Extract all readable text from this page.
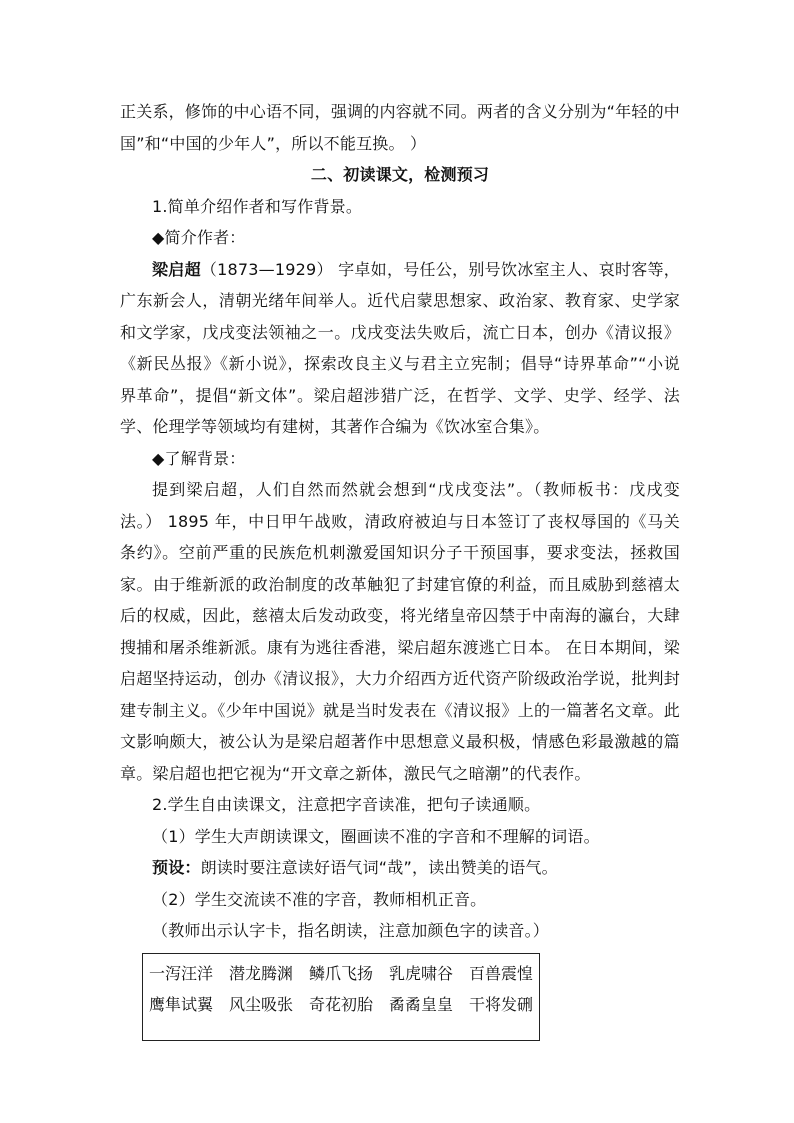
正关系，修饰的中心语不同，强调的内容就不同。两者的含义分别为“年轻的中国”和“中国的少年人”，所以不能互换。 ）

二、初读课文，检测预习

1.简单介绍作者和写作背景。

◆简介作者：

梁启超（1873—1929） 字卓如，号任公，别号饮冰室主人、哀时客等，广东新会人，清朝光绪年间举人。近代启蒙思想家、政治家、教育家、史学家和文学家，戊戌变法领袖之一。戊戌变法失败后，流亡日本，创办《清议报》《新民丛报》《新小说》，探索改良主义与君主立宪制；倡导“诗界革命”“小说界革命”，提倡“新文体”。梁启超涉猎广泛，在哲学、文学、史学、经学、法学、伦理学等领域均有建树，其著作合编为《饮冰室合集》。

◆了解背景：

提到梁启超，人们自然而然就会想到“戊戌变法”。（教师板书：戊戌变法。） 1895 年，中日甲午战败，清政府被迫与日本签订了丧权辱国的《马关条约》。空前严重的民族危机刺激爱国知识分子干预国事，要求变法，拯救国家。由于维新派的政治制度的改革触犯了封建官僚的利益，而且威胁到慈禧太后的权威，因此，慈禧太后发动政变，将光绪皇帝囚禁于中南海的瀛台，大肆搜捕和屠杀维新派。康有为逃往香港，梁启超东渡逃亡日本。 在日本期间，梁启超坚持运动，创办《清议报》，大力介绍西方近代资产阶级政治学说，批判封建专制主义。《少年中国说》就是当时发表在《清议报》上的一篇著名文章。此文影响颇大，被公认为是梁启超著作中思想意义最积极，情感色彩最激越的篇章。梁启超也把它视为“开文章之新体，激民气之暗潮”的代表作。

2.学生自由读课文，注意把字音读准，把句子读通顺。

（1）学生大声朗读课文，圈画读不准的字音和不理解的词语。

预设：朗读时要注意读好语气词“哉”，读出赞美的语气。

（2）学生交流读不准的字音，教师相机正音。

（教师出示认字卡，指名朗读，注意加颜色字的读音。）

一泻汪洋 潜龙腾渊 鳞爪飞扬 乳虎啸谷 百兽震惶
鹰隼试翼 风尘吸张 奇花初胎 矞矞皇皇 干将发硎
